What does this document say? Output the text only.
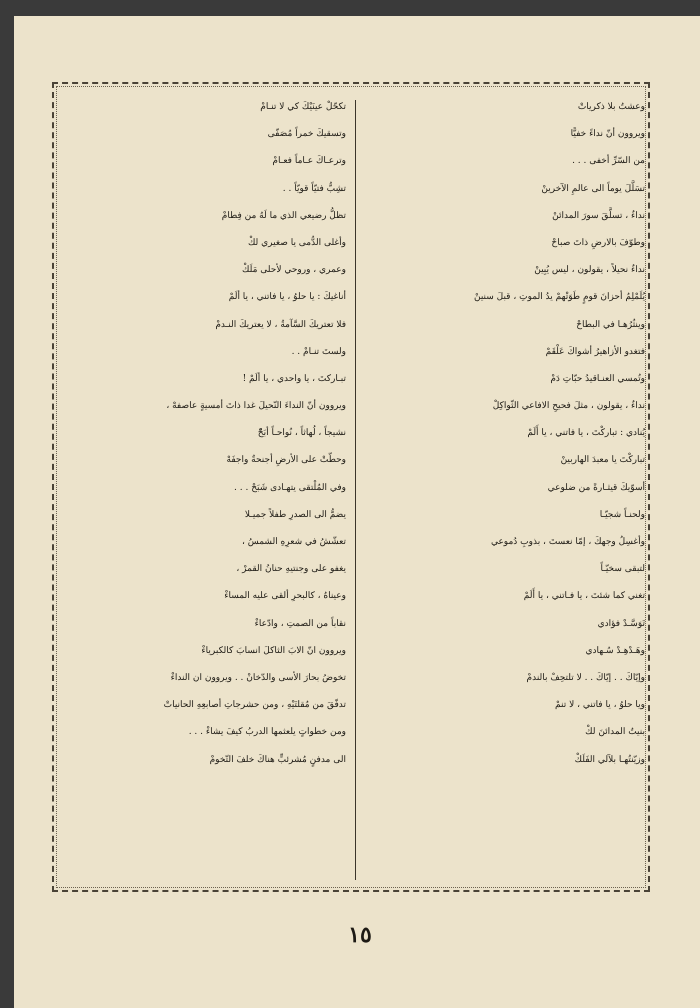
وعشتُ بلا ذكرياتْ
ويروون أنّ نداءً خفيًّا
من السّرِّ أخفى . . .
تسَلَّلَ يوماً الى عالمِ الآخرينْ
نداءٌ ، تسلَّقَ سورَ المدائنْ
وطوّفَ بالارضِ ذاتَ صباحْ
نداءٌ نحيلاً ، يقولون ، ليس يُبِينْ
يُلَمْلِمُ أحزانَ قومٍ طَوَتْهمْ يدُ الموتِ ، قبلَ سنينْ
وينثُرُهـا في البطاحْ
فتغدو الأزاهيرُ أشواكَ عَلْقَمْ
وتُمسي العنـاقيدُ حبّاتِ دَمْ
نداءٌ ، يقولون ، مثلَ فحيحِ الافاعي الثّواكِلْ
يُنادي : تباركْتَ ، يا فاتني ، يا أَلَمْ
تباركْتَ يا معبدَ الهاربينْ
أسوّيكَ قيثـارةً من ضلوعي
ولحنـاً شجيّـا
وأغسِلُ وجهكَ ، إمّا نعستَ ، بذوبِ دُموعي
لتبقى سخيّـاً
تغني كما شئتَ ، يا فـاتني ، يا أَلَمْ
تَوَسَّـدْ فؤادي
وهَـدْهِـدْ سُـهادي
وإيّاكَ . . إيّاكَ . . لا تلتحِفْ بالندمْ
ويا حلوُ ، يا فاتني ، لا تنمْ
بنيتُ المدائنَ لكْ
وزيّنتُهـا بلآلي الفَلَكْ
تكحّلْ عينَيْكَ كي لا تنـامْ
وتسقيكَ خمراً مُصَفّى
وترعـاكَ عـاماً فعـامْ
تشِبُّ فتيّاً قويّاً . .
تظلُّ رضيعي الذي ما لَهُ من فِطامْ
وأغلى الدُّمى يا صغيري لكْ
وعمري ، وروحي لأحلى مَلَكْ
أناغيكَ : يا حلوُ ، يا فاتني ، يا ألَمْ
فلا تعتريكَ السَّآمةُ ، لا يعتريكَ النـدمْ
ولستَ تنـامْ . .
تبـاركتَ ، يا واحدي ، يا ألَمْ !
ويروون أنّ النداءَ النّحيلَ غدا ذاتَ أمسيةٍ عاصفهْ ،
نشيجاً ، لُهاثاً ، نُواحـاً أبَحّْ
وحطّتْ على الأرضِ أجنحةٌ واجفَهْ
وفي المُلْتقى يتهـادى شَبَحْ . . .
يضمُّ الى الصدرِ طفلاً جميـلا
تعشّشُ في شعرِهِ الشمسُ ،
يغفو على وجنتيهِ حنانُ القمرْ ،
وعيناهُ ، كالبحرِ ألقى عليه المساءْ
نقاباً من الصمتِ ، وادّعاءْ
ويروون انّ الابَ الثاكلَ انسابَ كالكبرياءْ
تخوضُ بحارَ الأسى والدّخانْ . . ويروون ان النداءْ
تدفّقَ من مُقلتَيْهِ ، ومن حشرجاتِ أصابعِهِ الحانياتْ
ومن خطواتٍ يلعثمها الدربُ كيفَ يشاءْ . . .
الى مدفنٍ مُشرئبٍّ هناكَ خلفَ التّخومْ
١٥
